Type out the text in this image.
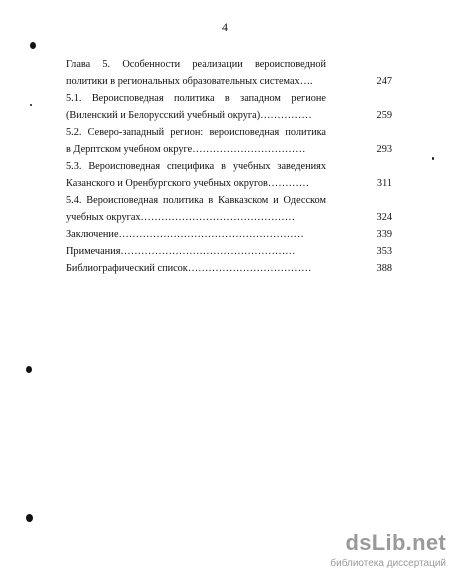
4
Глава 5. Особенности реализации вероисповедной
политики в региональных образовательных системах….	247
5.1. Вероисповедная политика в западном регионе
(Виленский и Белорусский учебный округа)……………	259
5.2. Северо-западный регион: вероисповедная политика
в Дерптском учебном округе……………………………	293
5.3. Вероисповедная специфика в учебных заведениях
Казанского и Оренбургского учебных округов…………	311
5.4. Вероисповедная политика в Кавказском и Одесском
учебных округах………………………………………	324
Заключение………………………………………………	339
Примечания……………………………………………	353
Библиографический список………………………………	388
dsLib.net
библиотека диссертаций
